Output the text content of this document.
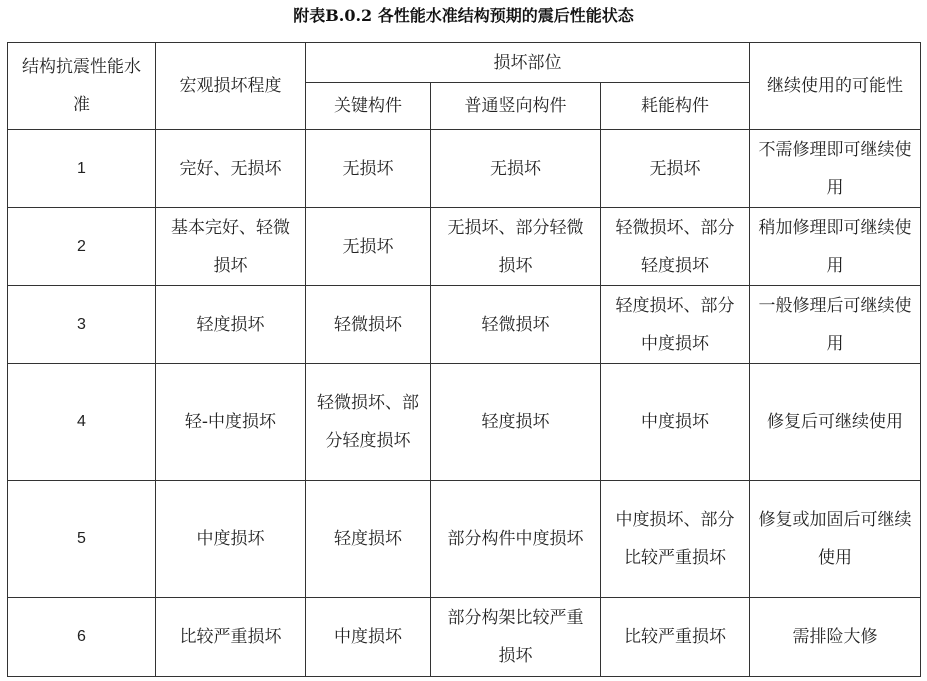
附表B.0.2 各性能水准结构预期的震后性能状态
结构抗震性能水准	宏观损坏程度	损坏部位			继续使用的可能性
		关键构件	普通竖向构件	耗能构件	
1	完好、无损坏	无损坏	无损坏	无损坏	不需修理即可继续使用
2	基本完好、轻微损坏	无损坏	无损坏、部分轻微损坏	轻微损坏、部分轻度损坏	稍加修理即可继续使用
3	轻度损坏	轻微损坏	轻微损坏	轻度损坏、部分中度损坏	一般修理后可继续使用
4	轻-中度损坏	轻微损坏、部分轻度损坏	轻度损坏	中度损坏	修复后可继续使用
5	中度损坏	轻度损坏	部分构件中度损坏	中度损坏、部分比较严重损坏	修复或加固后可继续使用
6	比较严重损坏	中度损坏	部分构架比较严重损坏	比较严重损坏	需排险大修
